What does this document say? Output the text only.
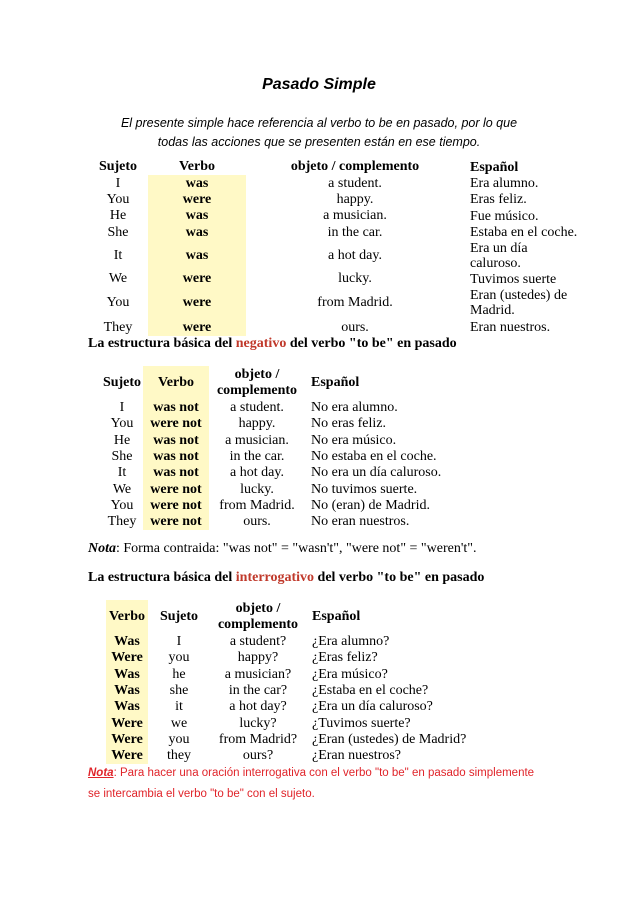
Pasado Simple
El presente simple hace referencia al verbo to be en pasado, por lo que todas las acciones que se presenten están en ese tiempo.
Sujeto	Verbo	objeto / complemento	Español
I	was	a student.	Era alumno.
You	were	happy.	Eras feliz.
He	was	a musician.	Fue músico.
She	was	in the car.	Estaba en el coche.
It	was	a hot day.	Era un día caluroso.
We	were	lucky.	Tuvimos suerte
You	were	from Madrid.	Eran (ustedes) de Madrid.
They	were	ours.	Eran nuestros.
La estructura básica del negativo del verbo "to be" en pasado
Sujeto	Verbo	objeto / complemento	Español
I	was not	a student.	No era alumno.
You	were not	happy.	No eras feliz.
He	was not	a musician.	No era músico.
She	was not	in the car.	No estaba en el coche.
It	was not	a hot day.	No era un día caluroso.
We	were not	lucky.	No tuvimos suerte.
You	were not	from Madrid.	No (eran) de Madrid.
They	were not	ours.	No eran nuestros.
Nota: Forma contraida: "was not" = "wasn't", "were not" = "weren't".
La estructura básica del interrogativo del verbo "to be" en pasado
Verbo	Sujeto	objeto / complemento	Español
Was	I	a student?	¿Era alumno?
Were	you	happy?	¿Eras feliz?
Was	he	a musician?	¿Era músico?
Was	she	in the car?	¿Estaba en el coche?
Was	it	a hot day?	¿Era un día caluroso?
Were	we	lucky?	¿Tuvimos suerte?
Were	you	from Madrid?	¿Eran (ustedes) de Madrid?
Were	they	ours?	¿Eran nuestros?
Nota: Para hacer una oración interrogativa con el verbo "to be" en pasado simplemente se intercambia el verbo "to be" con el sujeto.
